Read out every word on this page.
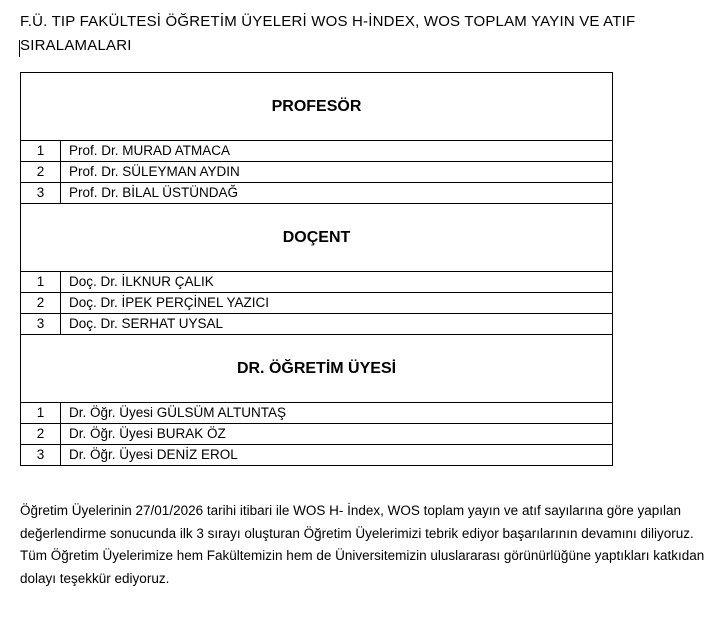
F.Ü. TIP FAKÜLTESİ ÖĞRETİM ÜYELERİ WOS H-İNDEX, WOS TOPLAM YAYIN VE ATIF SIRALAMALARI
PROFESÖR	
1	Prof. Dr. MURAD ATMACA
2	Prof. Dr. SÜLEYMAN AYDIN
3	Prof. Dr. BİLAL ÜSTÜNDAĞ
DOÇENT	
1	Doç. Dr. İLKNUR ÇALIK
2	Doç. Dr. İPEK PERÇİNEL YAZICI
3	Doç. Dr. SERHAT UYSAL
DR. ÖĞRETİM ÜYESİ	
1	Dr. Öğr. Üyesi GÜLSÜM ALTUNTAŞ
2	Dr. Öğr. Üyesi BURAK ÖZ
3	Dr. Öğr. Üyesi DENİZ EROL
Öğretim Üyelerinin 27/01/2026 tarihi itibari ile WOS H- İndex, WOS toplam yayın ve atıf sayılarına göre yapılan değerlendirme sonucunda ilk 3 sırayı oluşturan Öğretim Üyelerimizi tebrik ediyor başarılarının devamını diliyoruz. Tüm Öğretim Üyelerimize hem Fakültemizin hem de Üniversitemizin uluslararası görünürlüğüne yaptıkları katkıdan dolayı teşekkür ediyoruz.
